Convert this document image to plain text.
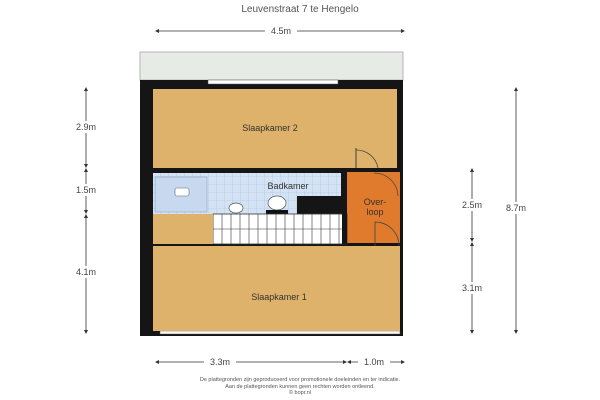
Leuvenstraat 7 te Hengelo
Slaapkamer 2
Badkamer
Over-
loop
Slaapkamer 1
4.5m
2.9m
1.5m
4.1m
2.5m
3.1m
8.7m
3.3m	1.0m
De plattegronden zijn geproduceerd voor promotionele doeleinden en ter indicatie.
Aan de plattegronden kunnen geen rechten worden ontleend.
© bopr.nl
